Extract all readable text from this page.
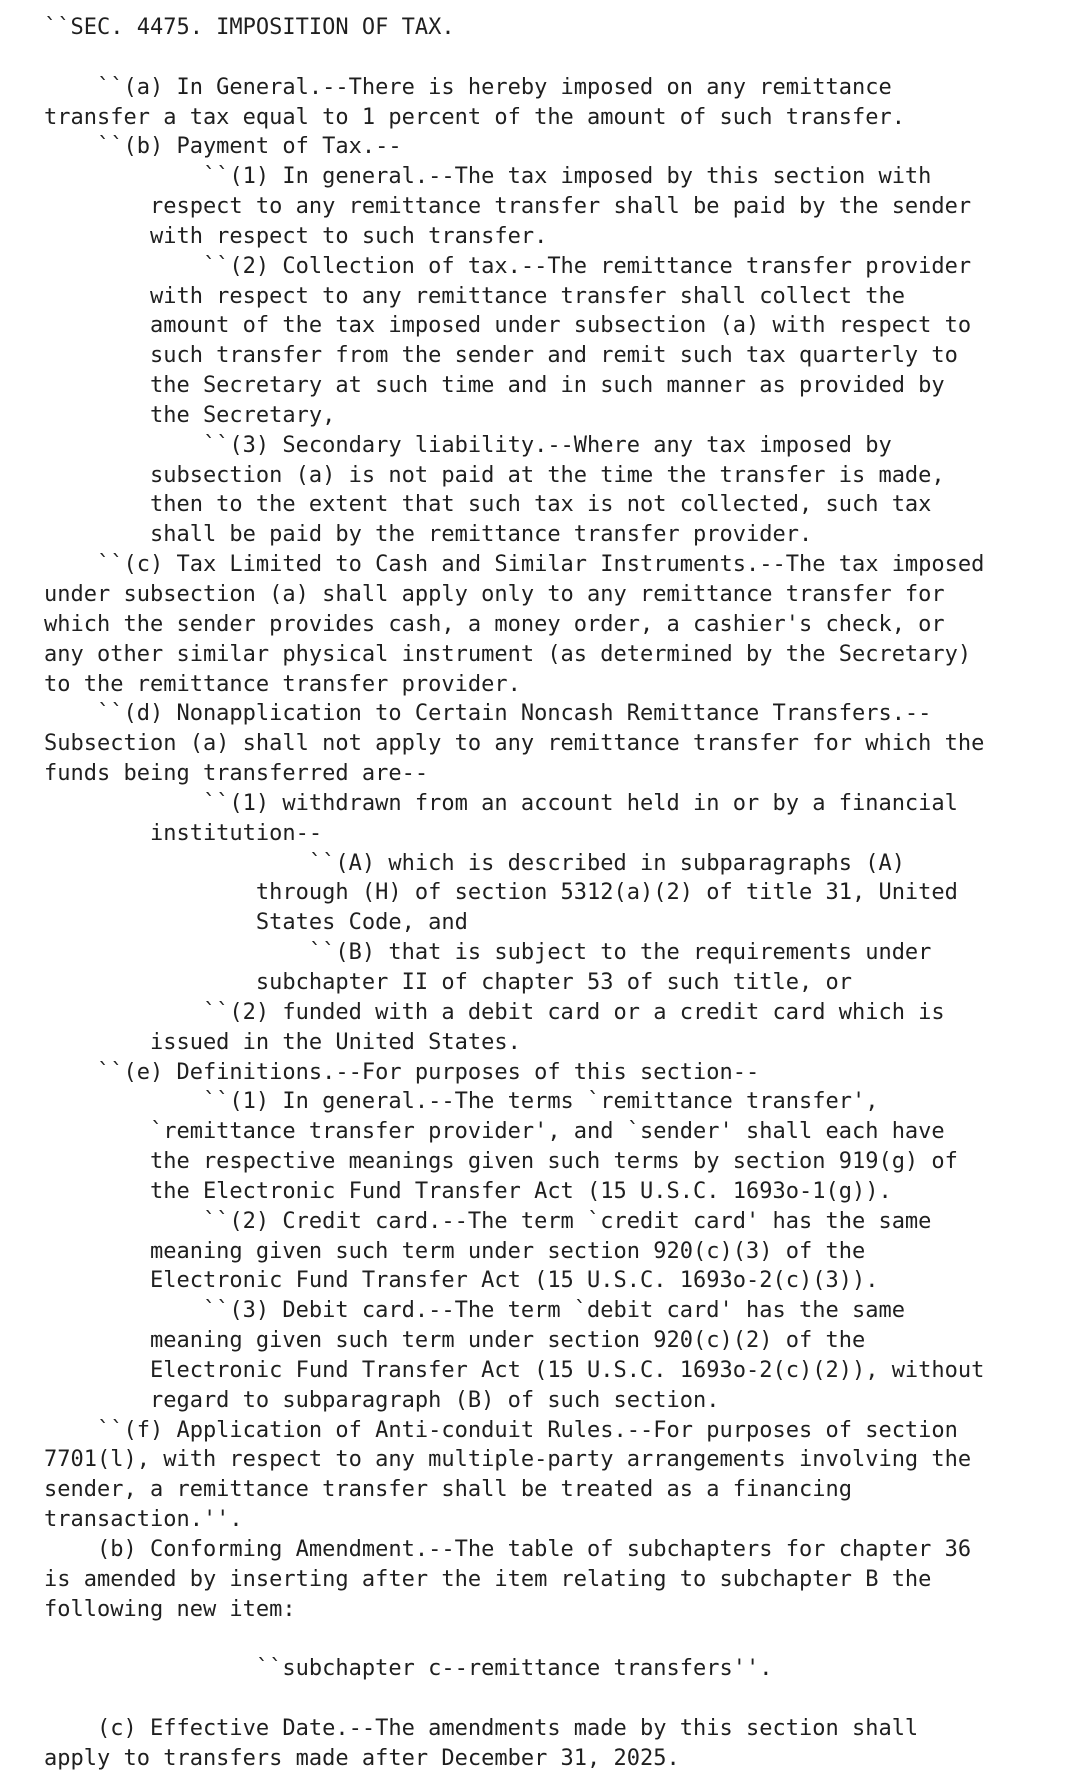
``SEC. 4475. IMPOSITION OF TAX.
``(a) In General.--There is hereby imposed on any remittance
transfer a tax equal to 1 percent of the amount of such transfer.
``(b) Payment of Tax.--
``(1) In general.--The tax imposed by this section with
respect to any remittance transfer shall be paid by the sender
with respect to such transfer.
``(2) Collection of tax.--The remittance transfer provider
with respect to any remittance transfer shall collect the
amount of the tax imposed under subsection (a) with respect to
such transfer from the sender and remit such tax quarterly to
the Secretary at such time and in such manner as provided by
the Secretary,
``(3) Secondary liability.--Where any tax imposed by
subsection (a) is not paid at the time the transfer is made,
then to the extent that such tax is not collected, such tax
shall be paid by the remittance transfer provider.
``(c) Tax Limited to Cash and Similar Instruments.--The tax imposed
under subsection (a) shall apply only to any remittance transfer for
which the sender provides cash, a money order, a cashier's check, or
any other similar physical instrument (as determined by the Secretary)
to the remittance transfer provider.
``(d) Nonapplication to Certain Noncash Remittance Transfers.--
Subsection (a) shall not apply to any remittance transfer for which the
funds being transferred are--
``(1) withdrawn from an account held in or by a financial
institution--
``(A) which is described in subparagraphs (A)
through (H) of section 5312(a)(2) of title 31, United
States Code, and
``(B) that is subject to the requirements under
subchapter II of chapter 53 of such title, or
``(2) funded with a debit card or a credit card which is
issued in the United States.
``(e) Definitions.--For purposes of this section--
``(1) In general.--The terms `remittance transfer',
`remittance transfer provider', and `sender' shall each have
the respective meanings given such terms by section 919(g) of
the Electronic Fund Transfer Act (15 U.S.C. 1693o-1(g)).
``(2) Credit card.--The term `credit card' has the same
meaning given such term under section 920(c)(3) of the
Electronic Fund Transfer Act (15 U.S.C. 1693o-2(c)(3)).
``(3) Debit card.--The term `debit card' has the same
meaning given such term under section 920(c)(2) of the
Electronic Fund Transfer Act (15 U.S.C. 1693o-2(c)(2)), without
regard to subparagraph (B) of such section.
``(f) Application of Anti-conduit Rules.--For purposes of section
7701(l), with respect to any multiple-party arrangements involving the
sender, a remittance transfer shall be treated as a financing
transaction.''.
(b) Conforming Amendment.--The table of subchapters for chapter 36
is amended by inserting after the item relating to subchapter B the
following new item:
``subchapter c--remittance transfers''.
(c) Effective Date.--The amendments made by this section shall
apply to transfers made after December 31, 2025.
